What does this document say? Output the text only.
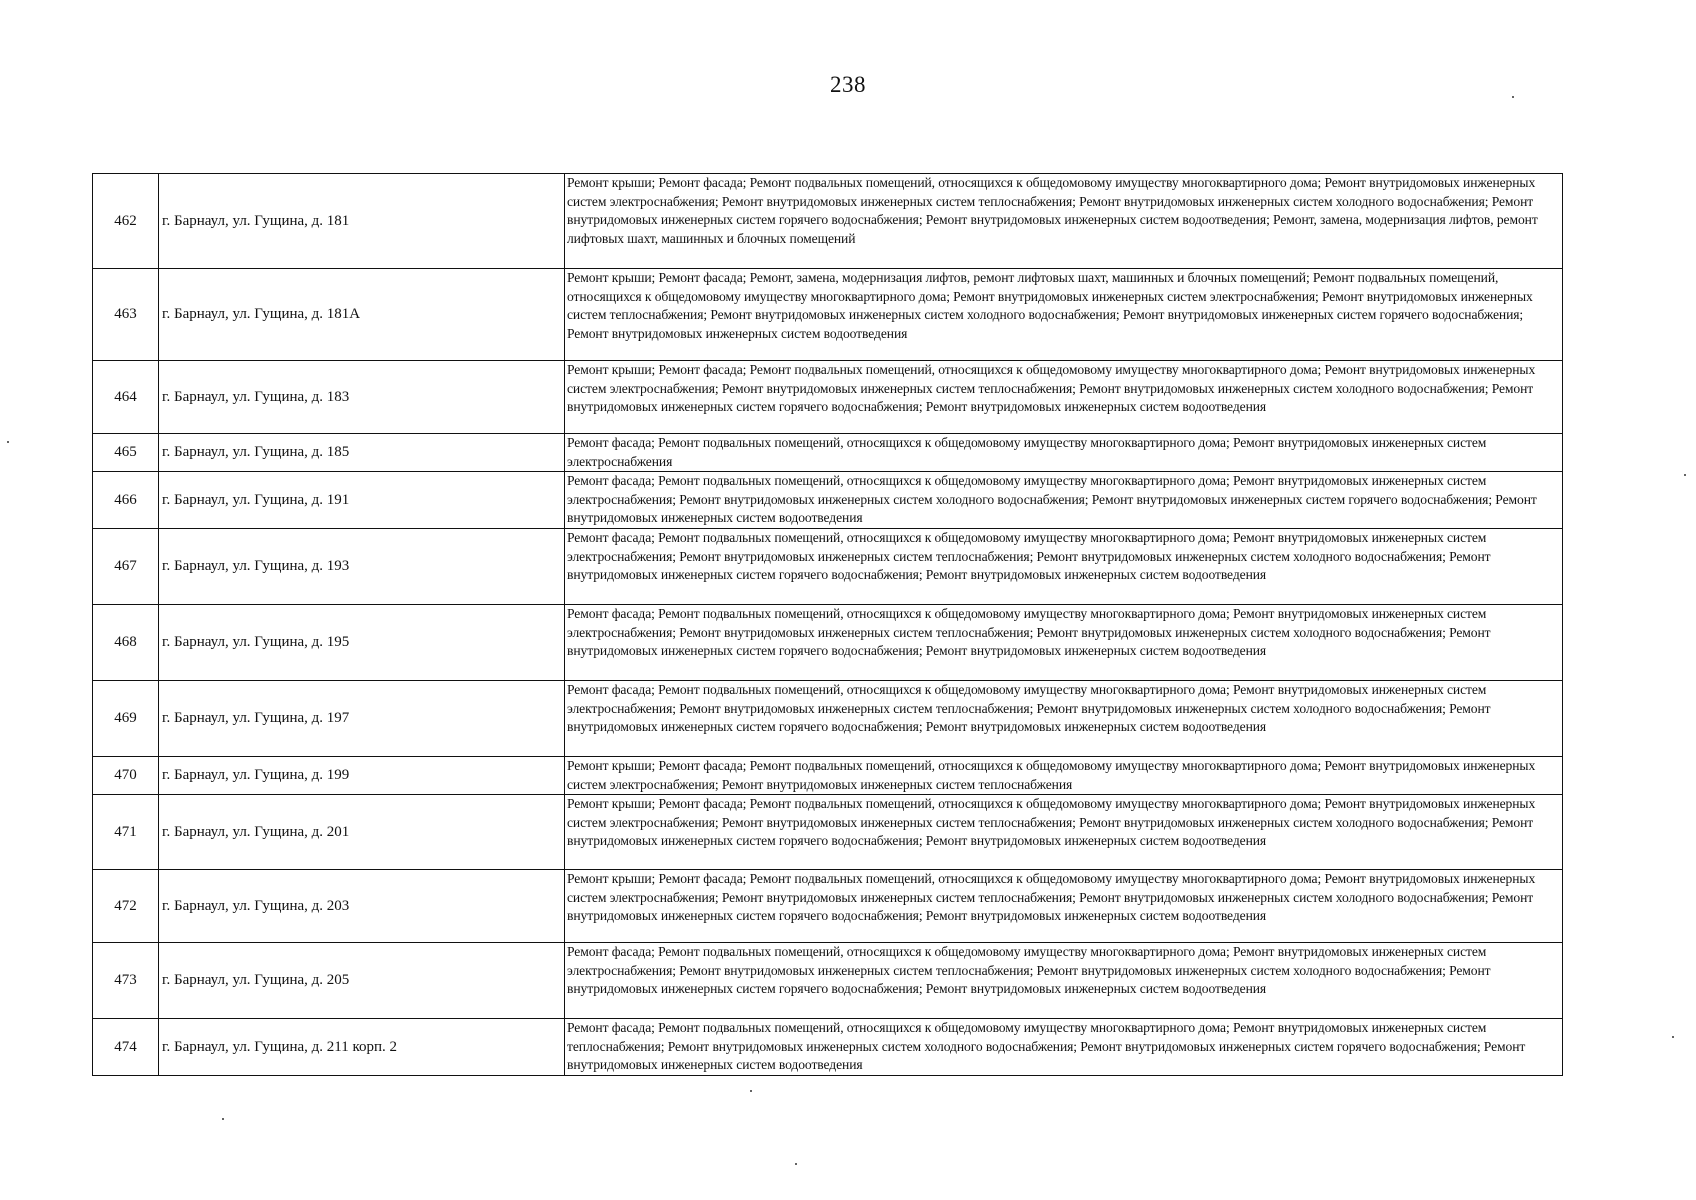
238
462	г. Барнаул, ул. Гущина, д. 181	Ремонт крыши; Ремонт фасада; Ремонт подвальных помещений, относящихся к общедомовому имуществу многоквартирного дома; Ремонт внутридомовых инженерных систем электроснабжения; Ремонт внутридомовых инженерных систем теплоснабжения; Ремонт внутридомовых инженерных систем холодного водоснабжения; Ремонт внутридомовых инженерных систем горячего водоснабжения; Ремонт внутридомовых инженерных систем водоотведения; Ремонт, замена, модернизация лифтов, ремонт лифтовых шахт, машинных и блочных помещений
463	г. Барнаул, ул. Гущина, д. 181А	Ремонт крыши; Ремонт фасада; Ремонт, замена, модернизация лифтов, ремонт лифтовых шахт, машинных и блочных помещений; Ремонт подвальных помещений, относящихся к общедомовому имуществу многоквартирного дома; Ремонт внутридомовых инженерных систем электроснабжения; Ремонт внутридомовых инженерных систем теплоснабжения; Ремонт внутридомовых инженерных систем холодного водоснабжения; Ремонт внутридомовых инженерных систем горячего водоснабжения; Ремонт внутридомовых инженерных систем водоотведения
464	г. Барнаул, ул. Гущина, д. 183	Ремонт крыши; Ремонт фасада; Ремонт подвальных помещений, относящихся к общедомовому имуществу многоквартирного дома; Ремонт внутридомовых инженерных систем электроснабжения; Ремонт внутридомовых инженерных систем теплоснабжения; Ремонт внутридомовых инженерных систем холодного водоснабжения; Ремонт внутридомовых инженерных систем горячего водоснабжения; Ремонт внутридомовых инженерных систем водоотведения
465	г. Барнаул, ул. Гущина, д. 185	Ремонт фасада; Ремонт подвальных помещений, относящихся к общедомовому имуществу многоквартирного дома; Ремонт внутридомовых инженерных систем электроснабжения
466	г. Барнаул, ул. Гущина, д. 191	Ремонт фасада; Ремонт подвальных помещений, относящихся к общедомовому имуществу многоквартирного дома; Ремонт внутридомовых инженерных систем электроснабжения; Ремонт внутридомовых инженерных систем холодного водоснабжения; Ремонт внутридомовых инженерных систем горячего водоснабжения; Ремонт внутридомовых инженерных систем водоотведения
467	г. Барнаул, ул. Гущина, д. 193	Ремонт фасада; Ремонт подвальных помещений, относящихся к общедомовому имуществу многоквартирного дома; Ремонт внутридомовых инженерных систем электроснабжения; Ремонт внутридомовых инженерных систем теплоснабжения; Ремонт внутридомовых инженерных систем холодного водоснабжения; Ремонт внутридомовых инженерных систем горячего водоснабжения; Ремонт внутридомовых инженерных систем водоотведения
468	г. Барнаул, ул. Гущина, д. 195	Ремонт фасада; Ремонт подвальных помещений, относящихся к общедомовому имуществу многоквартирного дома; Ремонт внутридомовых инженерных систем электроснабжения; Ремонт внутридомовых инженерных систем теплоснабжения; Ремонт внутридомовых инженерных систем холодного водоснабжения; Ремонт внутридомовых инженерных систем горячего водоснабжения; Ремонт внутридомовых инженерных систем водоотведения
469	г. Барнаул, ул. Гущина, д. 197	Ремонт фасада; Ремонт подвальных помещений, относящихся к общедомовому имуществу многоквартирного дома; Ремонт внутридомовых инженерных систем электроснабжения; Ремонт внутридомовых инженерных систем теплоснабжения; Ремонт внутридомовых инженерных систем холодного водоснабжения; Ремонт внутридомовых инженерных систем горячего водоснабжения; Ремонт внутридомовых инженерных систем водоотведения
470	г. Барнаул, ул. Гущина, д. 199	Ремонт крыши; Ремонт фасада; Ремонт подвальных помещений, относящихся к общедомовому имуществу многоквартирного дома; Ремонт внутридомовых инженерных систем электроснабжения; Ремонт внутридомовых инженерных систем теплоснабжения
471	г. Барнаул, ул. Гущина, д. 201	Ремонт крыши; Ремонт фасада; Ремонт подвальных помещений, относящихся к общедомовому имуществу многоквартирного дома; Ремонт внутридомовых инженерных систем электроснабжения; Ремонт внутридомовых инженерных систем теплоснабжения; Ремонт внутридомовых инженерных систем холодного водоснабжения; Ремонт внутридомовых инженерных систем горячего водоснабжения; Ремонт внутридомовых инженерных систем водоотведения
472	г. Барнаул, ул. Гущина, д. 203	Ремонт крыши; Ремонт фасада; Ремонт подвальных помещений, относящихся к общедомовому имуществу многоквартирного дома; Ремонт внутридомовых инженерных систем электроснабжения; Ремонт внутридомовых инженерных систем теплоснабжения; Ремонт внутридомовых инженерных систем холодного водоснабжения; Ремонт внутридомовых инженерных систем горячего водоснабжения; Ремонт внутридомовых инженерных систем водоотведения
473	г. Барнаул, ул. Гущина, д. 205	Ремонт фасада; Ремонт подвальных помещений, относящихся к общедомовому имуществу многоквартирного дома; Ремонт внутридомовых инженерных систем электроснабжения; Ремонт внутридомовых инженерных систем теплоснабжения; Ремонт внутридомовых инженерных систем холодного водоснабжения; Ремонт внутридомовых инженерных систем горячего водоснабжения; Ремонт внутридомовых инженерных систем водоотведения
474	г. Барнаул, ул. Гущина, д. 211 корп. 2	Ремонт фасада; Ремонт подвальных помещений, относящихся к общедомовому имуществу многоквартирного дома; Ремонт внутридомовых инженерных систем теплоснабжения; Ремонт внутридомовых инженерных систем холодного водоснабжения; Ремонт внутридомовых инженерных систем горячего водоснабжения; Ремонт внутридомовых инженерных систем водоотведения
